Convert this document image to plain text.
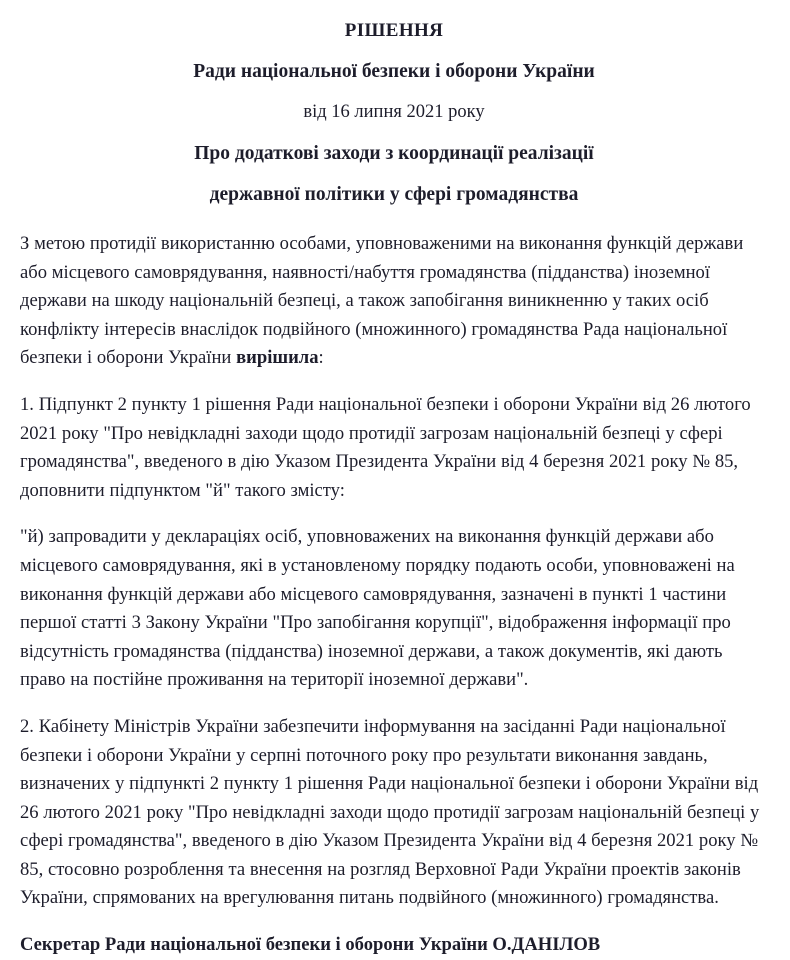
РІШЕННЯ
Ради національної безпеки і оборони України
від 16 липня 2021 року
Про додаткові заходи з координації реалізації
державної політики у сфері громадянства

З метою протидії використанню особами, уповноваженими на виконання функцій держави або місцевого самоврядування, наявності/набуття громадянства (підданства) іноземної держави на шкоду національній безпеці, а також запобігання виникненню у таких осіб конфлікту інтересів внаслідок подвійного (множинного) громадянства Рада національної безпеки і оборони України вирішила:

1. Підпункт 2 пункту 1 рішення Ради національної безпеки і оборони України від 26 лютого 2021 року "Про невідкладні заходи щодо протидії загрозам національній безпеці у сфері громадянства", введеного в дію Указом Президента України від 4 березня 2021 року № 85, доповнити підпунктом "й" такого змісту:

"й) запровадити у деклараціях осіб, уповноважених на виконання функцій держави або місцевого самоврядування, які в установленому порядку подають особи, уповноважені на виконання функцій держави або місцевого самоврядування, зазначені в пункті 1 частини першої статті 3 Закону України "Про запобігання корупції", відображення інформації про відсутність громадянства (підданства) іноземної держави, а також документів, які дають право на постійне проживання на території іноземної держави".

2. Кабінету Міністрів України забезпечити інформування на засіданні Ради національної безпеки і оборони України у серпні поточного року про результати виконання завдань, визначених у підпункті 2 пункту 1 рішення Ради національної безпеки і оборони України від 26 лютого 2021 року "Про невідкладні заходи щодо протидії загрозам національній безпеці у сфері громадянства", введеного в дію Указом Президента України від 4 березня 2021 року № 85, стосовно розроблення та внесення на розгляд Верховної Ради України проектів законів України, спрямованих на врегулювання питань подвійного (множинного) громадянства.

Секретар Ради національної безпеки і оборони України О.ДАНІЛОВ
